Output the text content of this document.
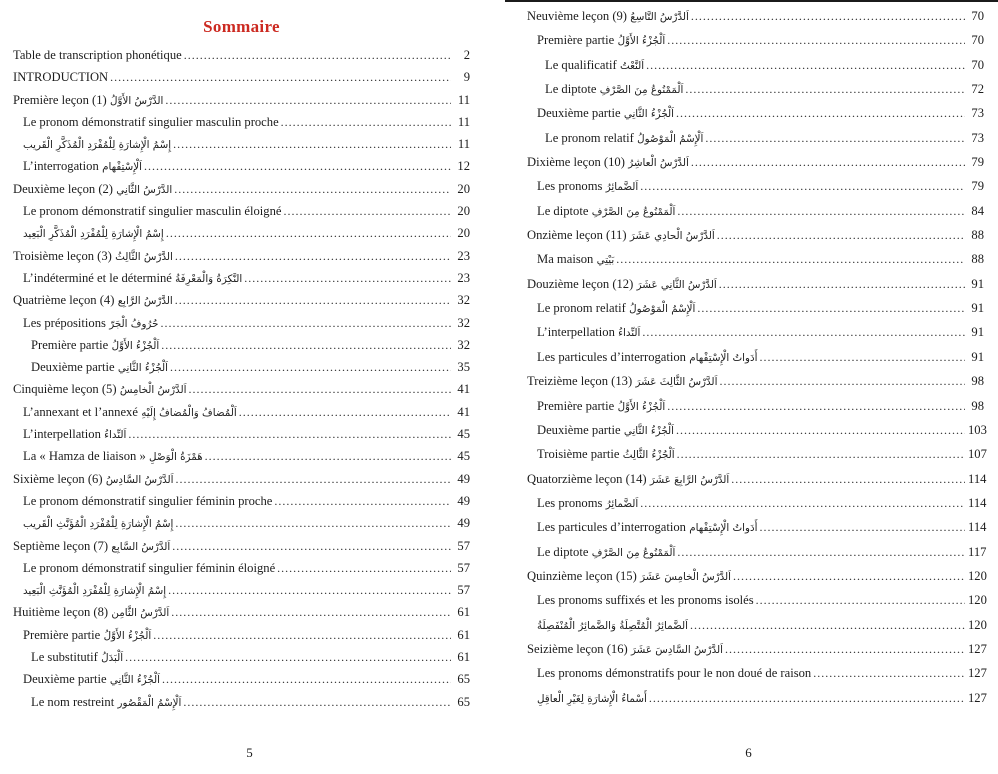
Sommaire
Table de transcription phonétique .....	2
INTRODUCTION .....	9
Première leçon (1) الدَّرْسُ الأَوَّلُ .....	11
Le pronom démonstratif singulier masculin proche .....	11
إِسْمُ الْإِشارَةِ لِلْمُفْرَدِ الْمُذَكَّرِ الْقَريب .....	11
L’interrogation اَلْإِسْتِفْهام .....	12
Deuxième leçon (2) الدَّرْسُ الثَّانِي .....	20
Le pronom démonstratif singulier masculin éloigné .....	20
إِسْمُ الْإِشارَةِ لِلْمُفْرَدِ الْمُذَكَّرِ الْبَعِيد .....	20
Troisième leçon (3) الدَّرْسُ الثَّالِثُ .....	23
L’indéterminé et le déterminé النَّكِرَةُ وَالْمَعْرِفَةُ .....	23
Quatrième leçon (4) الدَّرْسُ الرَّابِع .....	32
Les prépositions حُرُوفُ الْجَرّ .....	32
Première partie اَلْجُزْءُ الأَوَّلُ .....	32
Deuxième partie اَلْجُزْءُ الثَّانِي .....	35
Cinquième leçon (5) اَلدَّرْسُ الْخامِسُ .....	41
L’annexant et l’annexé اَلْمُضافُ وَالْمُضافُ إِلَيْهِ .....	41
L’interpellation اَلنِّداءُ .....	45
La « Hamza de liaison » هَمْزَةُ الْوَصْلِ .....	45
Sixième leçon (6) اَلدَّرْسُ السَّادِسُ .....	49
Le pronom démonstratif singulier féminin proche .....	49
إِسْمُ الْإِشارَةِ لِلْمُفْرَدِ الْمُؤَنَّثِ الْقَريب .....	49
Septième leçon (7) اَلدَّرْسُ السَّابِع .....	57
Le pronom démonstratif singulier féminin éloigné .....	57
إِسْمُ الْإِشارَةِ لِلْمُفْرَدِ الْمُؤَنَّثِ الْبَعِيد .....	57
Huitième leçon (8) اَلدَّرْسُ الثَّامِن .....	61
Première partie اَلْجُزْءُ الأَوَّلُ .....	61
Le substitutif اَلْبَدَلُ .....	61
Deuxième partie اَلْجُزْءُ الثَّانِي .....	65
Le nom restreint اَلْإِسْمُ الْمَقْصُور .....	65
5
Neuvième leçon (9) اَلدَّرْسُ التَّاسِعُ .....	70
Première partie اَلْجُزْءُ الأَوَّلُ .....	70
Le qualificatif اَلنَّعْتُ .....	70
Le diptote اَلْمَمْنُوعُ مِنَ الصَّرْفِ .....	72
Deuxième partie اَلْجُزْءُ الثَّانِي .....	73
Le pronom relatif اَلْإِسْمُ الْمَوْصُولُ .....	73
Dixième leçon (10) اَلدَّرْسُ الْعاشِرُ .....	79
Les pronoms اَلضَّمائِرُ .....	79
Le diptote اَلْمَمْنُوعُ مِنَ الصَّرْفِ .....	84
Onzième leçon (11) اَلدَّرْسُ الْحادِي عَشَرَ .....	88
Ma maison بَيْتِي .....	88
Douzième leçon (12) اَلدَّرْسُ الثَّانِي عَشَرَ .....	91
Le pronom relatif اَلْإِسْمُ الْمَوْصُولُ .....	91
L’interpellation اَلنِّداءُ .....	91
Les particules d’interrogation أَدَواتُ الْإِسْتِفْهام .....	91
Treizième leçon (13) اَلدَّرْسُ الثَّالِثَ عَشَرَ .....	98
Première partie اَلْجُزْءُ الأَوَّلُ .....	98
Deuxième partie اَلْجُزْءُ الثَّانِي .....	103
Troisième partie اَلْجُزْءُ الثَّالِثُ .....	107
Quatorzième leçon (14) اَلدَّرْسُ الرَّابِعَ عَشَرَ .....	114
Les pronoms اَلضَّمائِرُ .....	114
Les particules d’interrogation أَدَواتُ الْإِسْتِفْهام .....	114
Le diptote اَلْمَمْنُوعُ مِنَ الصَّرْفِ .....	117
Quinzième leçon (15) اَلدَّرْسُ الْخامِسَ عَشَرَ .....	120
Les pronoms suffixés et les pronoms isolés .....	120
اَلضَّمائِرُ الْمُتَّصِلَةُ وَالضَّمائِرُ الْمُنْفَصِلَةُ .....	120
Seizième leçon (16) اَلدَّرْسُ السَّادِسَ عَشَرَ .....	127
Les pronoms démonstratifs pour le non doué de raison .....	127
أَسْماءُ الْإِشارَةِ لِغَيْرِ الْعاقِلِ .....	127
6
